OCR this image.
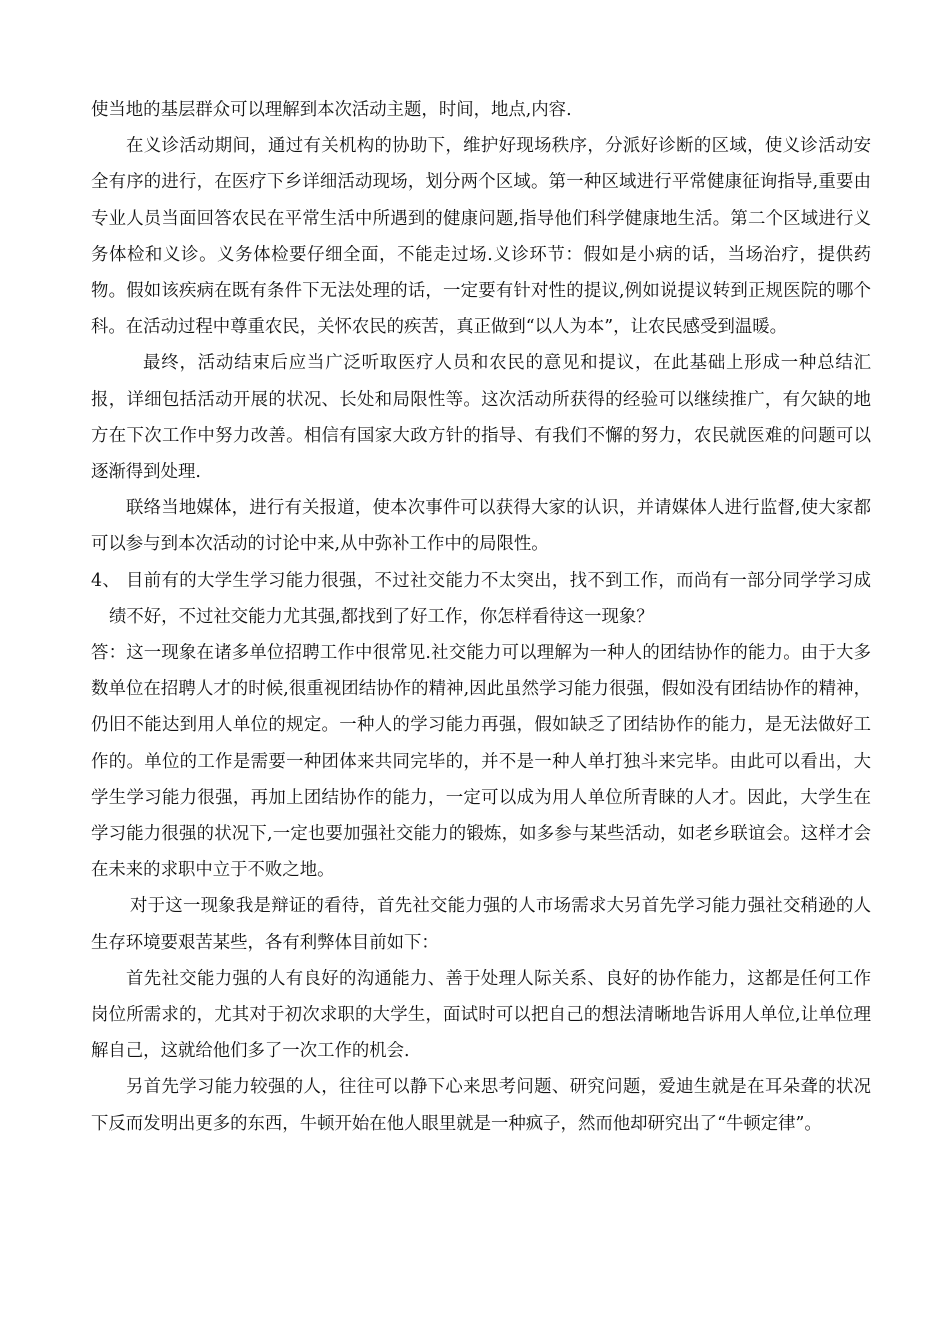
使当地的基层群众可以理解到本次活动主题，时间，地点,内容.

在义诊活动期间，通过有关机构的协助下，维护好现场秩序，分派好诊断的区域，使义诊活动安全有序的进行，在医疗下乡详细活动现场，划分两个区域。第一种区域进行平常健康征询指导,重要由专业人员当面回答农民在平常生活中所遇到的健康问题,指导他们科学健康地生活。第二个区域进行义务体检和义诊。义务体检要仔细全面，不能走过场.义诊环节：假如是小病的话，当场治疗，提供药物。假如该疾病在既有条件下无法处理的话，一定要有针对性的提议,例如说提议转到正规医院的哪个科。在活动过程中尊重农民，关怀农民的疾苦，真正做到“以人为本”，让农民感受到温暖。

最终，活动结束后应当广泛听取医疗人员和农民的意见和提议，在此基础上形成一种总结汇报，详细包括活动开展的状况、长处和局限性等。这次活动所获得的经验可以继续推广，有欠缺的地方在下次工作中努力改善。相信有国家大政方针的指导、有我们不懈的努力，农民就医难的问题可以逐渐得到处理.

联络当地媒体，进行有关报道，使本次事件可以获得大家的认识，并请媒体人进行监督,使大家都可以参与到本次活动的讨论中来,从中弥补工作中的局限性。

4、 目前有的大学生学习能力很强，不过社交能力不太突出，找不到工作，而尚有一部分同学学习成绩不好，不过社交能力尤其强,都找到了好工作，你怎样看待这一现象？

答：这一现象在诸多单位招聘工作中很常见.社交能力可以理解为一种人的团结协作的能力。由于大多数单位在招聘人才的时候,很重视团结协作的精神,因此虽然学习能力很强，假如没有团结协作的精神，仍旧不能达到用人单位的规定。一种人的学习能力再强，假如缺乏了团结协作的能力，是无法做好工作的。单位的工作是需要一种团体来共同完毕的，并不是一种人单打独斗来完毕。由此可以看出，大学生学习能力很强，再加上团结协作的能力，一定可以成为用人单位所青睐的人才。因此，大学生在学习能力很强的状况下,一定也要加强社交能力的锻炼，如多参与某些活动，如老乡联谊会。这样才会在未来的求职中立于不败之地。

对于这一现象我是辩证的看待，首先社交能力强的人市场需求大另首先学习能力强社交稍逊的人生存环境要艰苦某些，各有利弊体目前如下：

首先社交能力强的人有良好的沟通能力、善于处理人际关系、良好的协作能力，这都是任何工作岗位所需求的，尤其对于初次求职的大学生，面试时可以把自己的想法清晰地告诉用人单位,让单位理解自己，这就给他们多了一次工作的机会.

另首先学习能力较强的人，往往可以静下心来思考问题、研究问题，爱迪生就是在耳朵聋的状况下反而发明出更多的东西，牛顿开始在他人眼里就是一种疯子，然而他却研究出了“牛顿定律”。
